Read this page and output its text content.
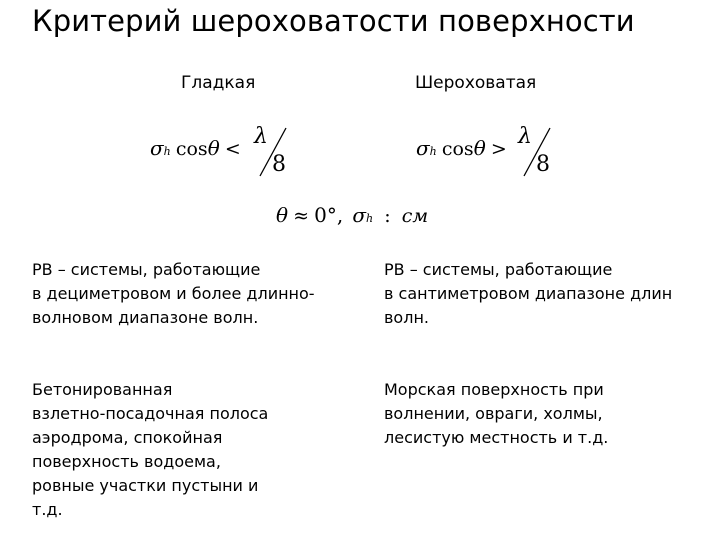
Критерий шероховатости поверхности
Гладкая	Шероховатая
σh cosθ < λ
8
σh cosθ > λ
8
θ ≈ 0°, σh : см
РВ – системы, работающие
в дециметровом и более длинно-
волновом диапазоне волн.
РВ – системы, работающие
в сантиметровом диапазоне длин
волн.
Бетонированная
взлетно-посадочная полоса
аэродрома, спокойная
поверхность водоема,
ровные участки пустыни и
т.д.
Морская поверхность при
волнении, овраги, холмы,
лесистую местность и т.д.
